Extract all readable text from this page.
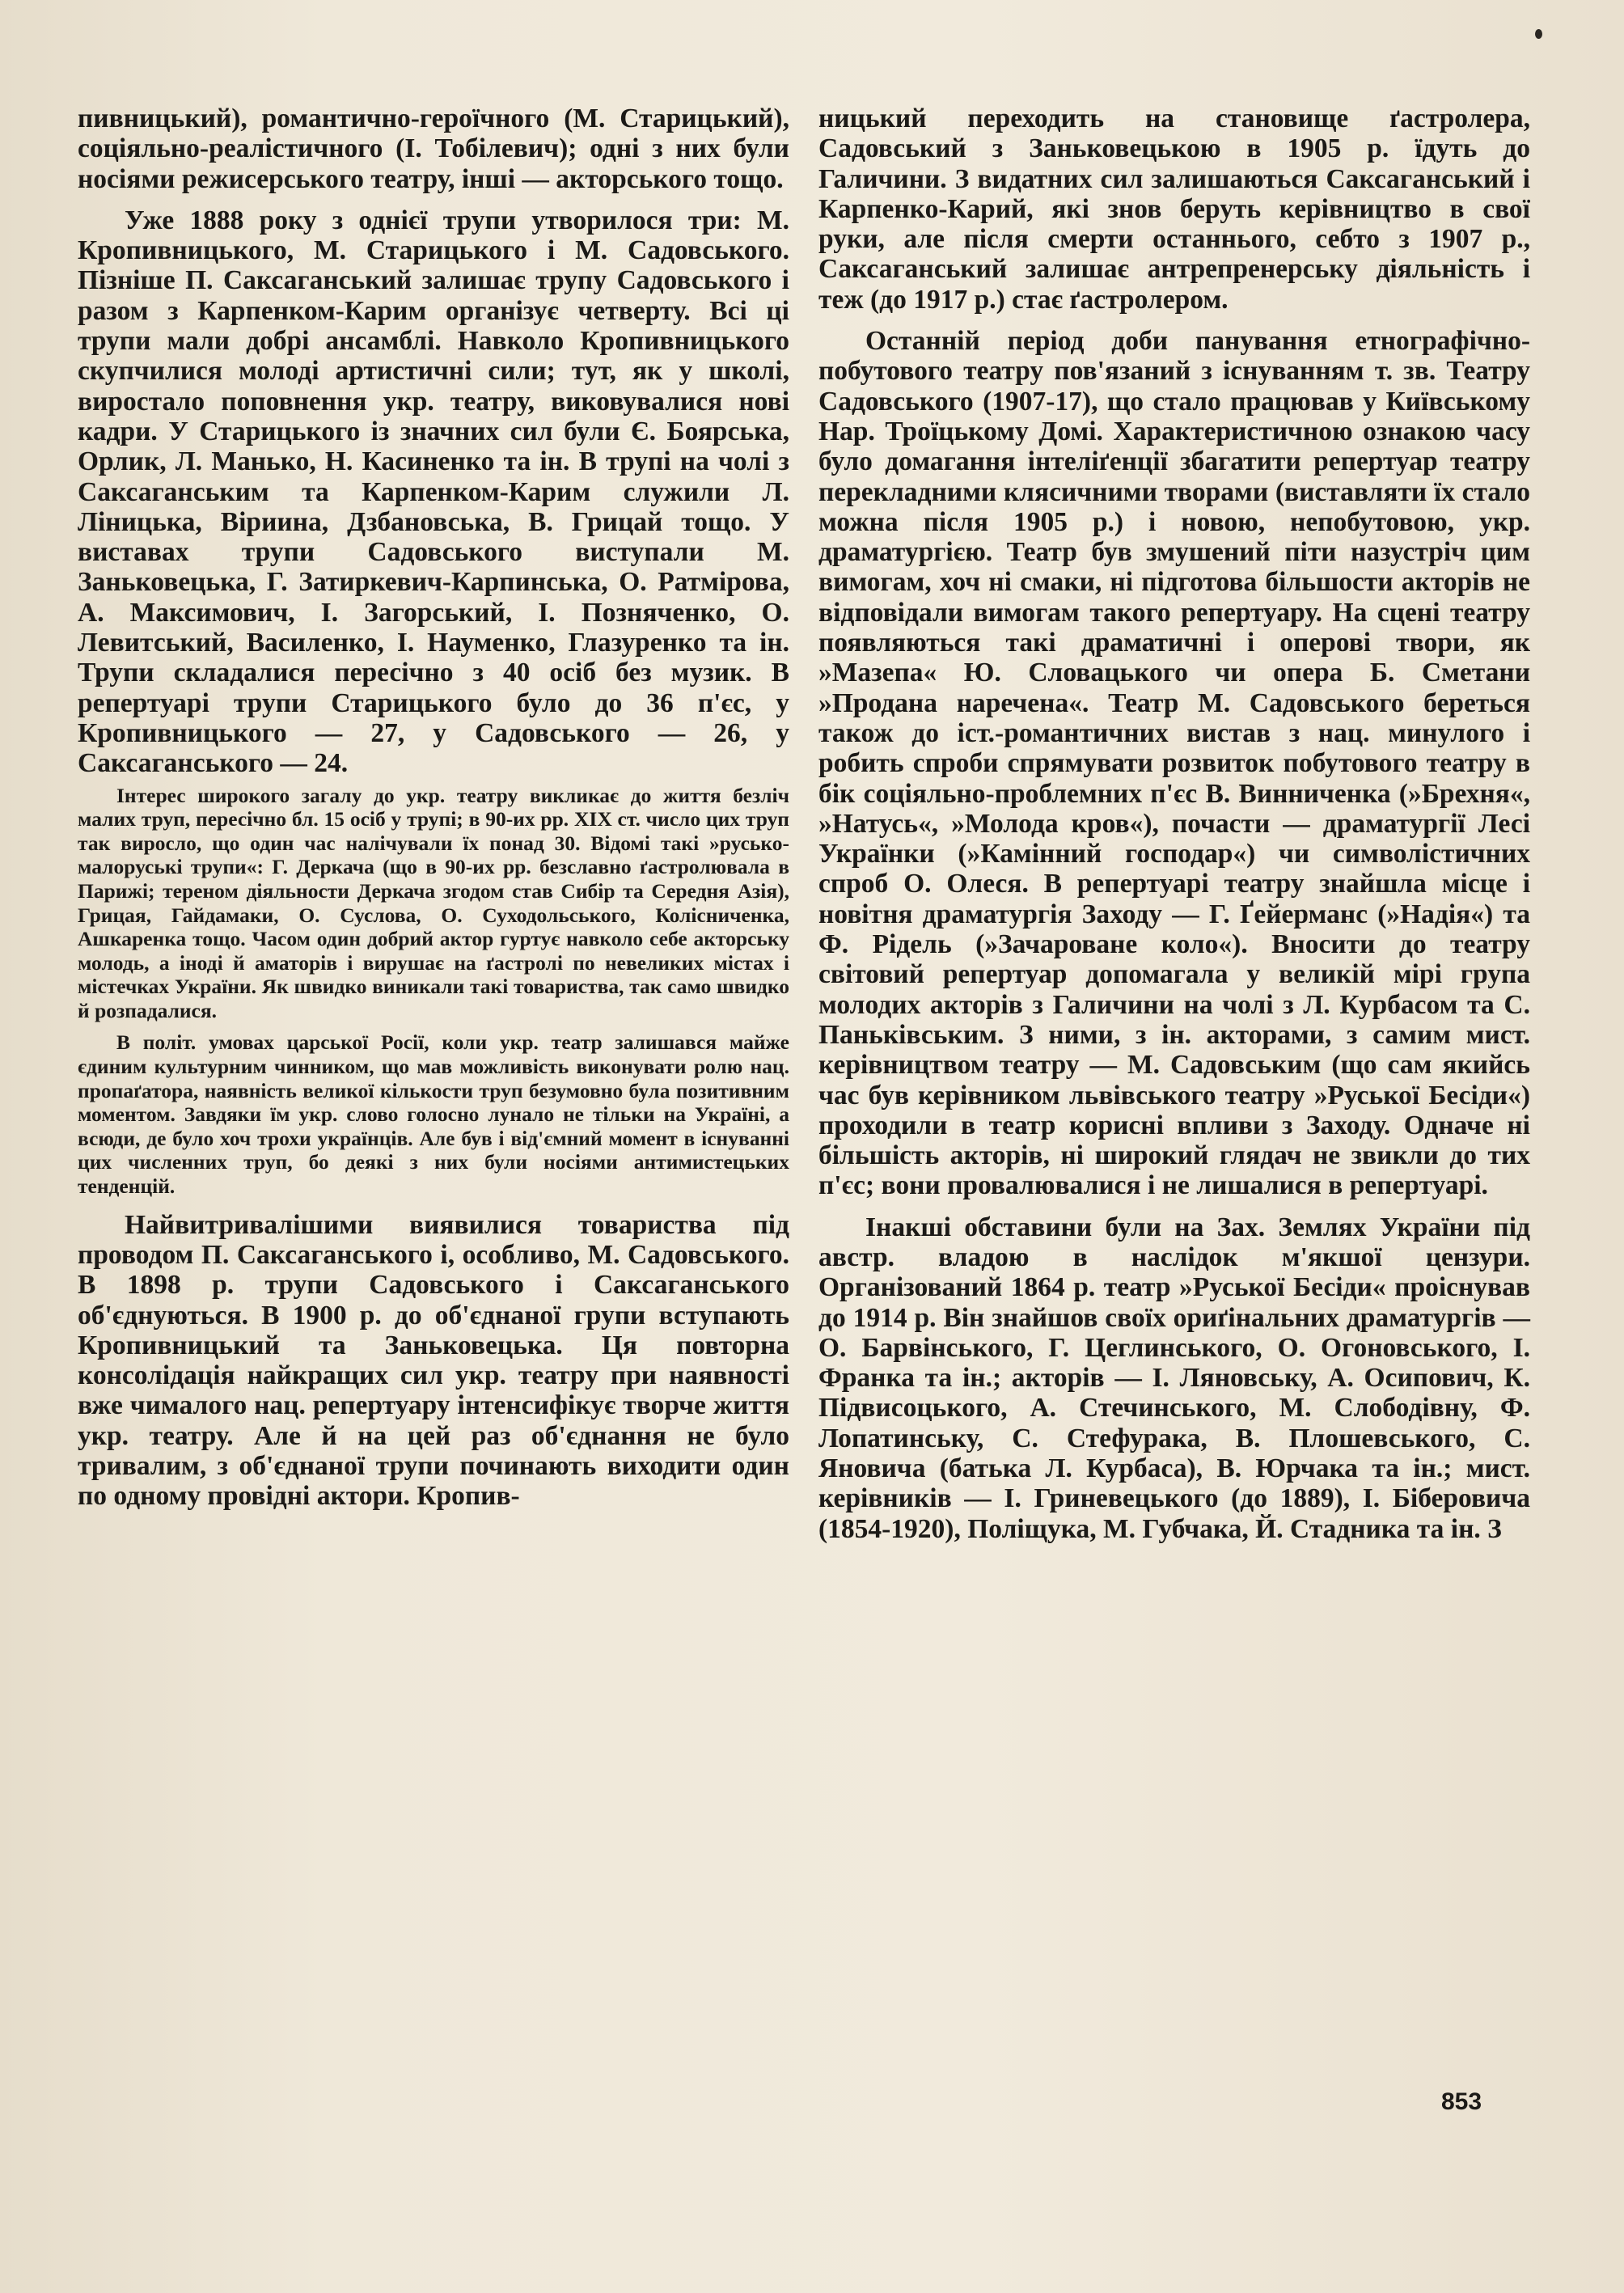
пивницький), романтично-героїчного (М. Старицький), соціяльно-реалістичного (І. Тобілевич); одні з них були носіями режисерського театру, інші — акторського тощо.

Уже 1888 року з однієї трупи утворилося три: М. Кропивницького, М. Старицького і М. Садовського. Пізніше П. Саксаганський залишає трупу Садовського і разом з Карпенком-Карим організує четверту. Всі ці трупи мали добрі ансамблі. Навколо Кропивницького скупчилися молоді артистичні сили; тут, як у школі, виростало поповнення укр. театру, виковувалися нові кадри. У Старицького із значних сил були Є. Боярська, Орлик, Л. Манько, Н. Касиненко та ін. В трупі на чолі з Саксаганським та Карпенком-Карим служили Л. Ліницька, Віриина, Дзбановська, В. Грицай тощо. У виставах трупи Садовського виступали М. Заньковецька, Г. Затиркевич-Карпинська, О. Ратмірова, А. Максимович, І. Загорський, І. Позняченко, О. Левитський, Василенко, І. Науменко, Глазуренко та ін. Трупи складалися пересічно з 40 осіб без музик. В репертуарі трупи Старицького було до 36 п'єс, у Кропивницького — 27, у Садовського — 26, у Саксаганського — 24.

Інтерес широкого загалу до укр. театру викликає до життя безліч малих труп, пересічно бл. 15 осіб у трупі; в 90-их рр. XIX ст. число цих труп так виросло, що один час налічували їх понад 30. Відомі такі »русько-малоруські трупи«: Г. Деркача (що в 90-их рр. безславно ґастролювала в Парижі; тереном діяльности Деркача згодом став Сибір та Середня Азія), Грицая, Гайдамаки, О. Суслова, О. Суходольського, Колісниченка, Ашкаренка тощо. Часом один добрий актор гуртує навколо себе акторську молодь, а іноді й аматорів і вирушає на ґастролі по невеликих містах і містечках України. Як швидко виникали такі товариства, так само швидко й розпадалися.

В політ. умовах царської Росії, коли укр. театр залишався майже єдиним культурним чинником, що мав можливість виконувати ролю нац. пропаґатора, наявність великої кількости труп безумовно була позитивним моментом. Завдяки їм укр. слово голосно лунало не тільки на Україні, а всюди, де було хоч трохи українців. Але був і від'ємний момент в існуванні цих численних труп, бо деякі з них були носіями антимистецьких тенденцій.

Найвитривалішими виявилися товариства під проводом П. Саксаганського і, особливо, М. Садовського. В 1898 р. трупи Садовського і Саксаганського об'єднуються. В 1900 р. до об'єднаної групи вступають Кропивницький та Заньковецька. Ця повторна консолідація найкращих сил укр. театру при наявності вже чималого нац. репертуару інтенсифікує творче життя укр. театру. Але й на цей раз об'єднання не було тривалим, з об'єднаної трупи починають виходити один по одному провідні актори. Кропив-

ницький переходить на становище ґастролера, Садовський з Заньковецькою в 1905 р. їдуть до Галичини. З видатних сил залишаються Саксаганський і Карпенко-Карий, які знов беруть керівництво в свої руки, але після смерти останнього, себто з 1907 р., Саксаганський залишає антрепренерську діяльність і теж (до 1917 р.) стає ґастролером.

Останній період доби панування етнографічно-побутового театру пов'язаний з існуванням т. зв. Театру Садовського (1907-17), що стало працював у Київському Нар. Троїцькому Домі. Характеристичною ознакою часу було домагання інтеліґенції збагатити репертуар театру перекладними клясичними творами (виставляти їх стало можна після 1905 р.) і новою, непобутовою, укр. драматургією. Театр був змушений піти назустріч цим вимогам, хоч ні смаки, ні підготова більшости акторів не відповідали вимогам такого репертуару. На сцені театру появляються такі драматичні і оперові твори, як »Мазепа« Ю. Словацького чи опера Б. Сметани »Продана наречена«. Театр М. Садовського береться також до іст.-романтичних вистав з нац. минулого і робить спроби спрямувати розвиток побутового театру в бік соціяльно-проблемних п'єс В. Винниченка (»Брехня«, »Натусь«, »Молода кров«), почасти — драматургії Лесі Українки (»Камінний господар«) чи символістичних спроб О. Олеся. В репертуарі театру знайшла місце і новітня драматургія Заходу — Г. Ґейерманс (»Надія«) та Ф. Рідель (»Зачароване коло«). Вносити до театру світовий репертуар допомагала у великій мірі група молодих акторів з Галичини на чолі з Л. Курбасом та С. Паньківським. З ними, з ін. акторами, з самим мист. керівництвом театру — М. Садовським (що сам якийсь час був керівником львівського театру »Руської Бесіди«) проходили в театр корисні впливи з Заходу. Одначе ні більшість акторів, ні широкий глядач не звикли до тих п'єс; вони провалювалися і не лишалися в репертуарі.

Інакші обставини були на Зах. Землях України під австр. владою в наслідок м'якшої цензури. Організований 1864 р. театр »Руської Бесіди« проіснував до 1914 р. Він знайшов своїх ориґінальних драматургів — О. Барвінського, Г. Цеглинського, О. Огоновського, І. Франка та ін.; акторів — І. Ляновську, А. Осипович, К. Підвисоцького, А. Стечинського, М. Слободівну, Ф. Лопатинську, С. Стефурака, В. Плошевського, С. Яновича (батька Л. Курбаса), В. Юрчака та ін.; мист. керівників — І. Гриневецького (до 1889), І. Біберовича (1854-1920), Поліщука, М. Губчака, Й. Стадника та ін. З

853
